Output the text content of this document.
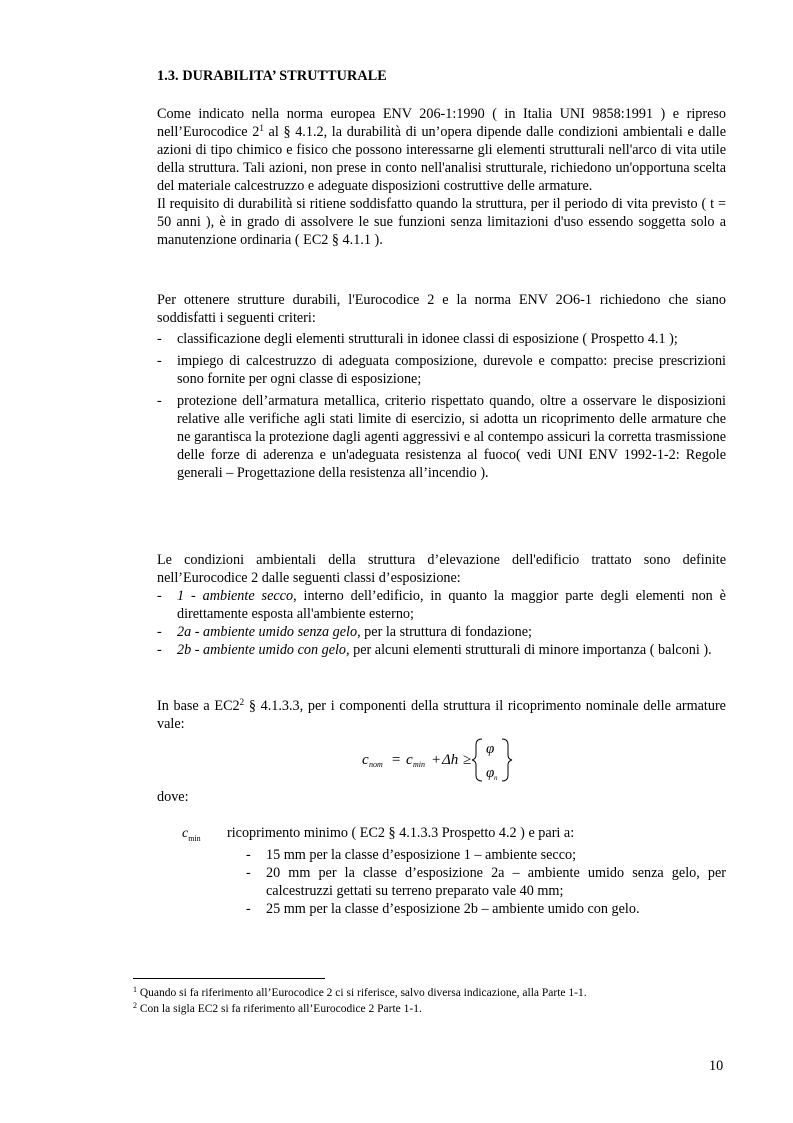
1.3. DURABILITA’ STRUTTURALE

Come indicato nella norma europea ENV 206-1:1990 ( in Italia UNI 9858:1991 ) e ripreso nell’Eurocodice $2^1$ al § 4.1.2, la durabilità di un’opera dipende dalle condizioni ambientali e dalle azioni di tipo chimico e fisico che possono interessarne gli elementi strutturali nell'arco di vita utile della struttura. Tali azioni, non prese in conto nell'analisi strutturale, richiedono un'opportuna scelta del materiale calcestruzzo e adeguate disposizioni costruttive delle armature.

Il requisito di durabilità si ritiene soddisfatto quando la struttura, per il periodo di vita previsto ( t = 50 anni ), è in grado di assolvere le sue funzioni senza limitazioni d'uso essendo soggetta solo a manutenzione ordinaria ( EC2 § 4.1.1 ).

Per ottenere strutture durabili, l'Eurocodice 2 e la norma ENV 2O6-1 richiedono che siano soddisfatti i seguenti criteri:

- classificazione degli elementi strutturali in idonee classi di esposizione ( Prospetto 4.1 );
- impiego di calcestruzzo di adeguata composizione, durevole e compatto: precise prescrizioni sono fornite per ogni classe di esposizione;
- protezione dell’armatura metallica, criterio rispettato quando, oltre a osservare le disposizioni relative alle verifiche agli stati limite di esercizio, si adotta un ricoprimento delle armature che ne garantisca la protezione dagli agenti aggressivi e al contempo assicuri la corretta trasmissione delle forze di aderenza e un'adeguata resistenza al fuoco( vedi UNI ENV 1992-1-2: Regole generali – Progettazione della resistenza all’incendio ).

Le condizioni ambientali della struttura d’elevazione dell'edificio trattato sono definite nell’Eurocodice 2 dalle seguenti classi d’esposizione:

- 1 - ambiente secco, interno dell’edificio, in quanto la maggior parte degli elementi non è direttamente esposta all'ambiente esterno;
- 2a - ambiente umido senza gelo, per la struttura di fondazione;
- 2b - ambiente umido con gelo, per alcuni elementi strutturali di minore importanza ( balconi ).

In base a $EC2^2$ § 4.1.3.3, per i componenti della struttura il ricoprimento nominale delle armature vale:

c nom = c min + Δh ≥
φ
φ n

dove:

$c_{min}$ ricoprimento minimo ( EC2 § 4.1.3.3 Prospetto 4.2 ) e pari a:
- 15 mm per la classe d’esposizione 1 – ambiente secco;
- 20 mm per la classe d’esposizione 2a – ambiente umido senza gelo, per calcestruzzi gettati su terreno preparato vale 40 mm;
- 25 mm per la classe d’esposizione 2b – ambiente umido con gelo.
$^1$ Quando si fa riferimento all’Eurocodice 2 ci si riferisce, salvo diversa indicazione, alla Parte 1-1.
$^2$ Con la sigla EC2 si fa riferimento all’Eurocodice 2 Parte 1-1.
10
